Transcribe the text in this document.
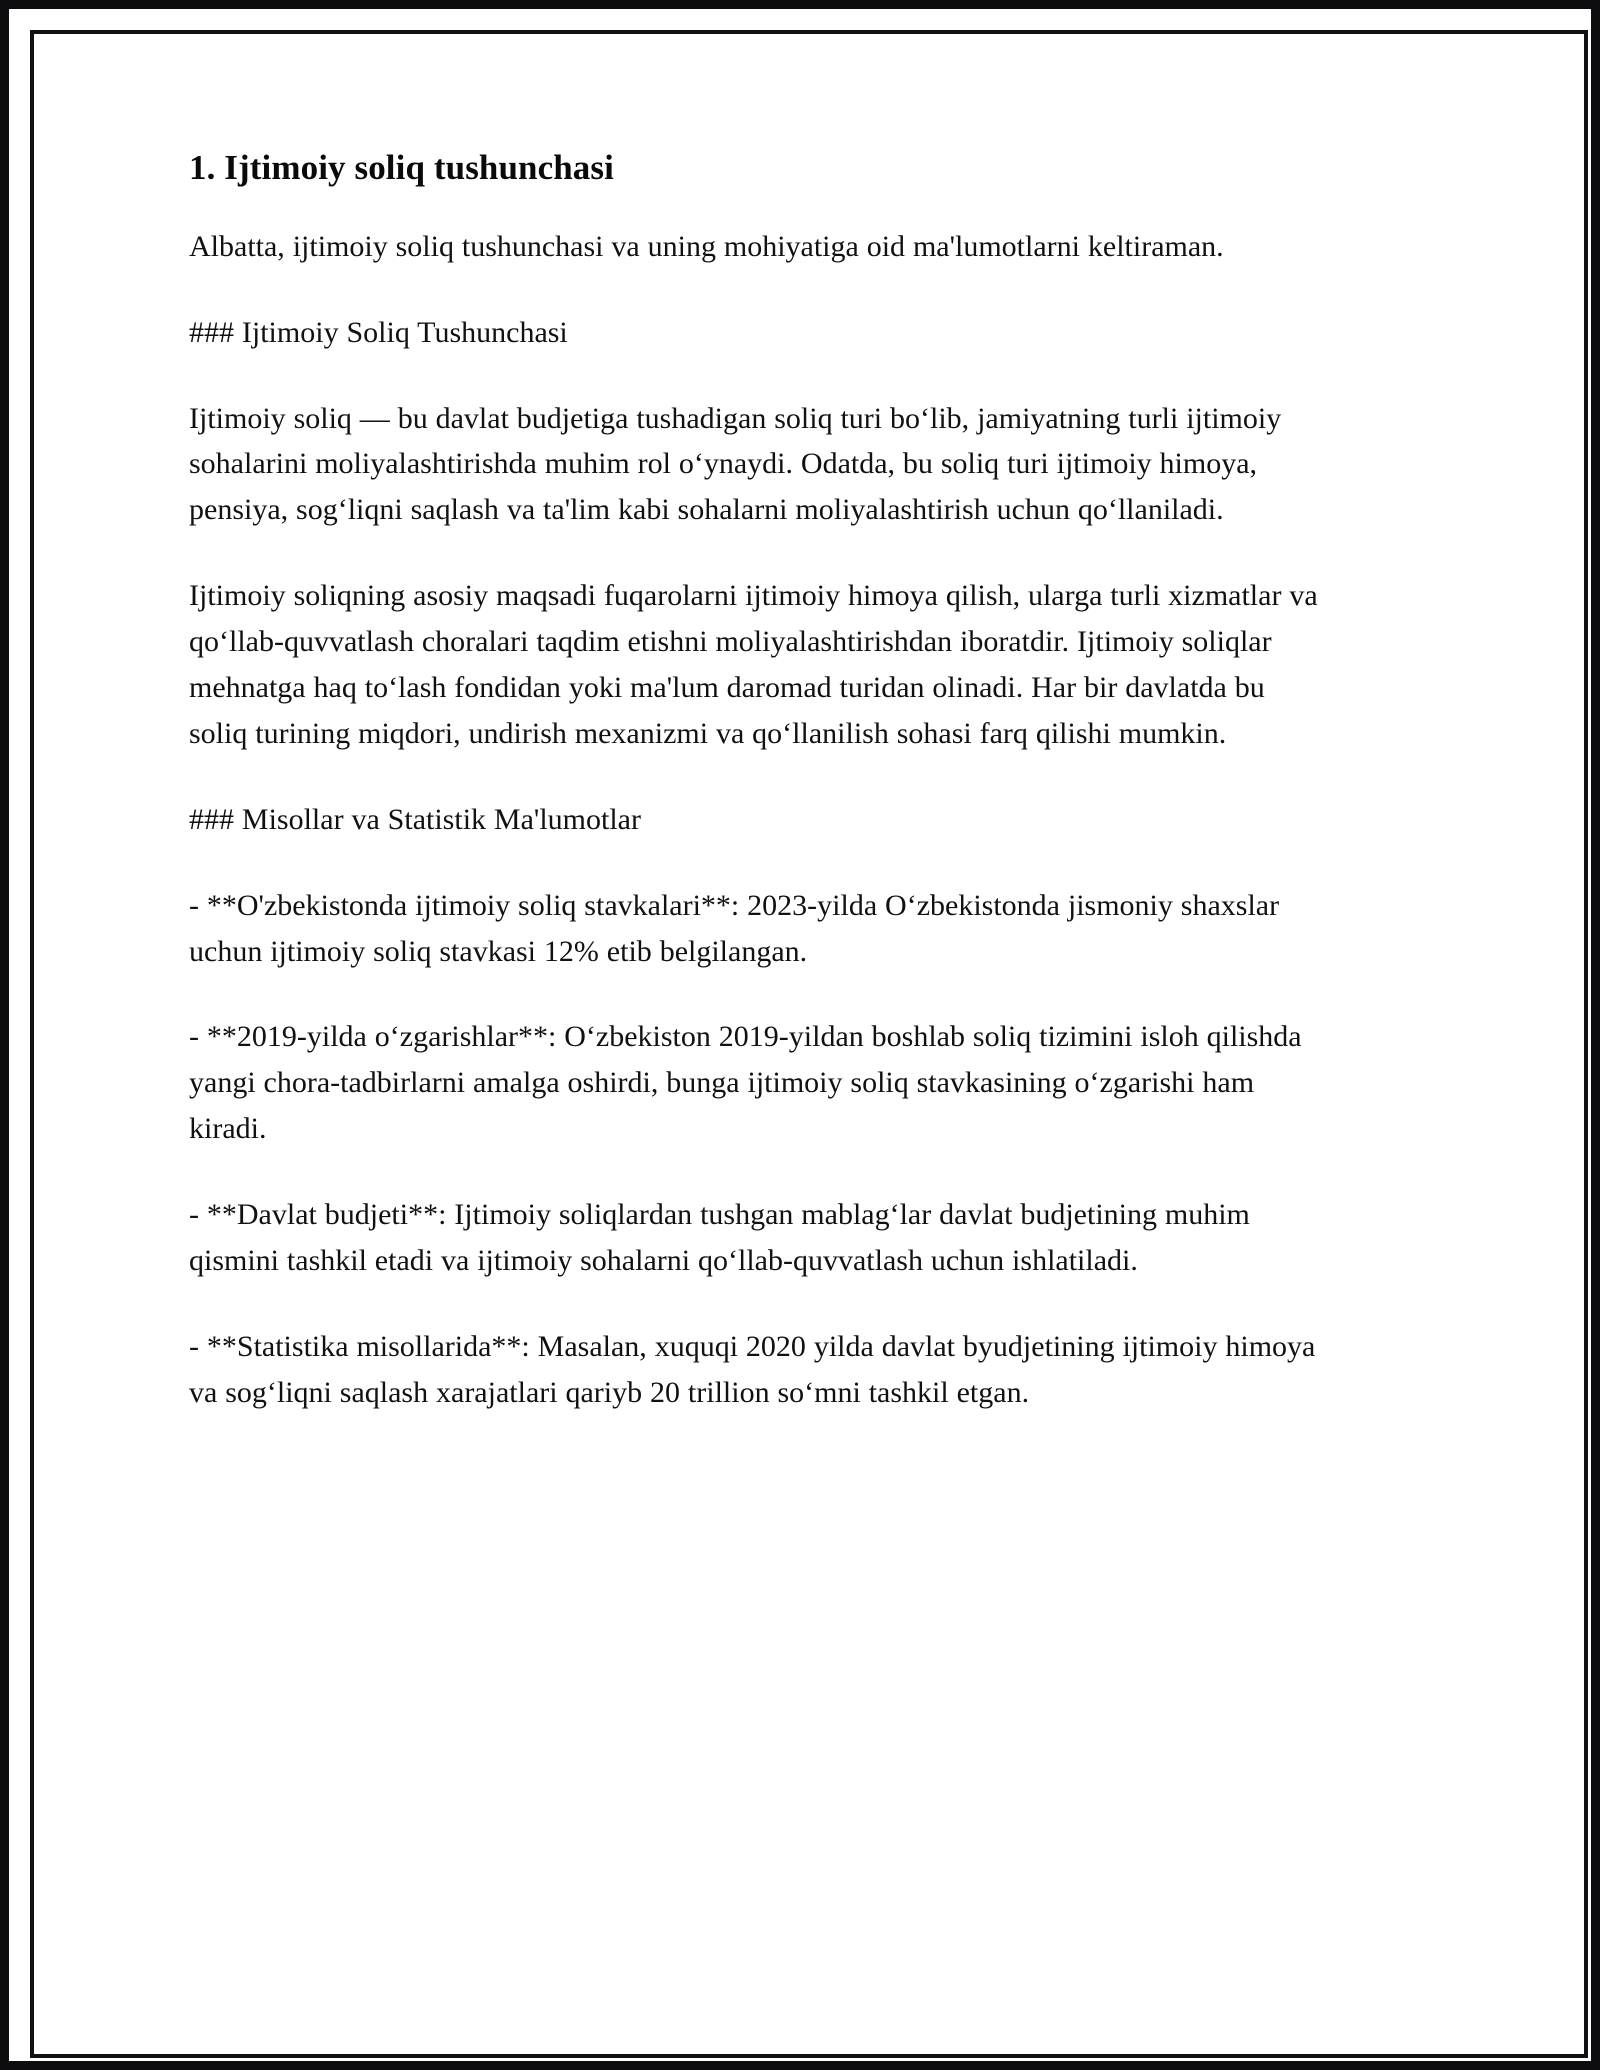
1. Ijtimoiy soliq tushunchasi

Albatta, ijtimoiy soliq tushunchasi va uning mohiyatiga oid ma'lumotlarni keltiraman.

### Ijtimoiy Soliq Tushunchasi

Ijtimoiy soliq — bu davlat budjetiga tushadigan soliq turi bo‘lib, jamiyatning turli ijtimoiy sohalarini moliyalashtirishda muhim rol o‘ynaydi. Odatda, bu soliq turi ijtimoiy himoya, pensiya, sog‘liqni saqlash va ta'lim kabi sohalarni moliyalashtirish uchun qo‘llaniladi.

Ijtimoiy soliqning asosiy maqsadi fuqarolarni ijtimoiy himoya qilish, ularga turli xizmatlar va qo‘llab-quvvatlash choralari taqdim etishni moliyalashtirishdan iboratdir. Ijtimoiy soliqlar mehnatga haq to‘lash fondidan yoki ma'lum daromad turidan olinadi. Har bir davlatda bu soliq turining miqdori, undirish mexanizmi va qo‘llanilish sohasi farq qilishi mumkin.

### Misollar va Statistik Ma'lumotlar

- **O'zbekistonda ijtimoiy soliq stavkalari**: 2023-yilda O‘zbekistonda jismoniy shaxslar uchun ijtimoiy soliq stavkasi 12% etib belgilangan.

- **2019-yilda o‘zgarishlar**: O‘zbekiston 2019-yildan boshlab soliq tizimini isloh qilishda yangi chora-tadbirlarni amalga oshirdi, bunga ijtimoiy soliq stavkasining o‘zgarishi ham kiradi.

- **Davlat budjeti**: Ijtimoiy soliqlardan tushgan mablag‘lar davlat budjetining muhim qismini tashkil etadi va ijtimoiy sohalarni qo‘llab-quvvatlash uchun ishlatiladi.

- **Statistika misollarida**: Masalan, xuquqi 2020 yilda davlat byudjetining ijtimoiy himoya va sog‘liqni saqlash xarajatlari qariyb 20 trillion so‘mni tashkil etgan.
